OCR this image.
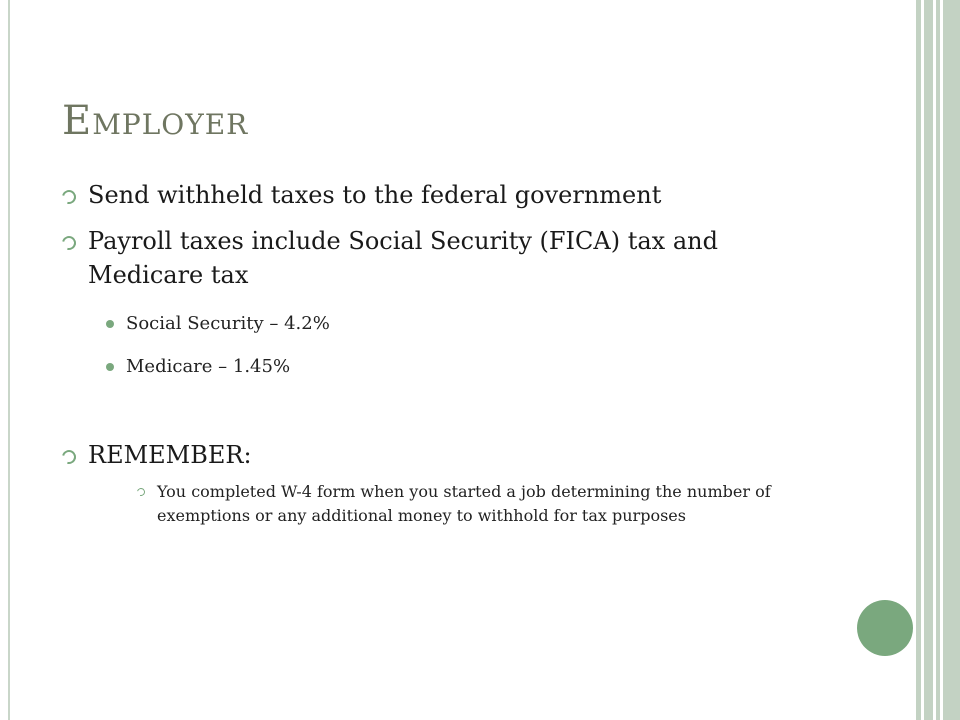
Employer
Send withheld taxes to the federal government
Payroll taxes include Social Security (FICA) tax and Medicare tax
Social Security – 4.2%
Medicare – 1.45%
REMEMBER:
You completed W-4 form when you started a job determining the number of exemptions or any additional money to withhold for tax purposes
